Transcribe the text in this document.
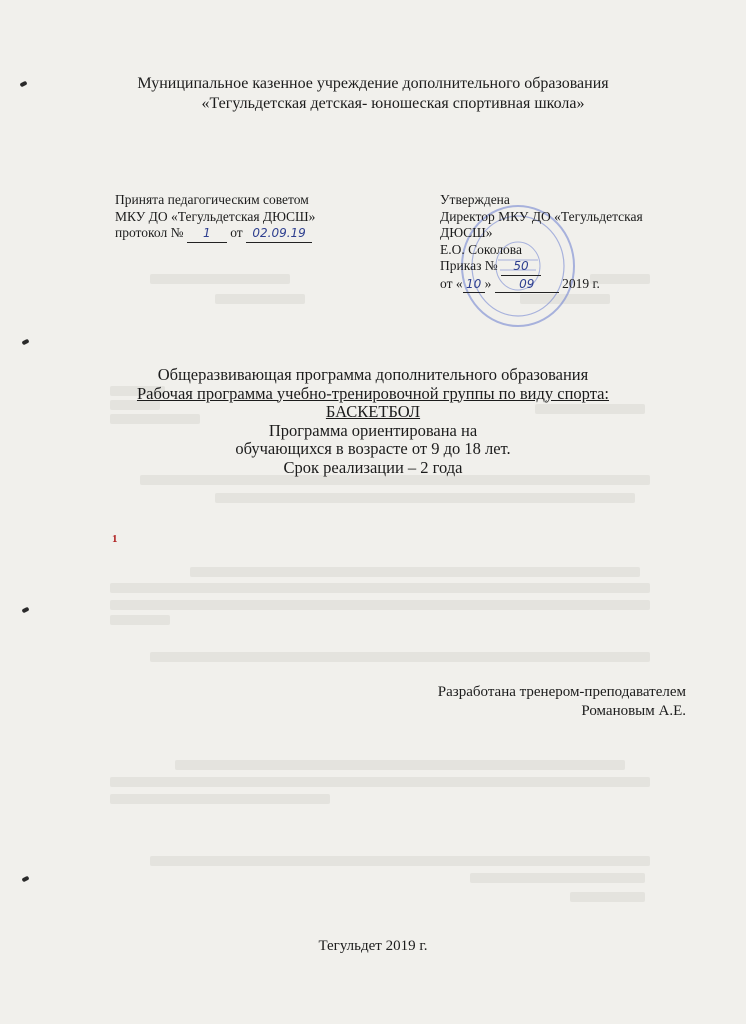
Муниципальное казенное учреждение дополнительного образования
«Тегульдетская детская- юношеская спортивная школа»
Принята педагогическим советом
МКУ ДО «Тегульдетская ДЮСШ»
протокол № 1 от 02.09.19
Утверждена
Директор МКУ ДО «Тегульдетская
ДЮСШ»
Е.О. Соколова
Приказ № 50
от « 10 » 09 2019 г.
Общеразвивающая программа дополнительного образования
Рабочая программа учебно-тренировочной группы по виду спорта:
БАСКЕТБОЛ
Программа ориентирована на
обучающихся в возрасте от 9 до 18 лет.
Срок реализации – 2 года
1
Разработана тренером-преподавателем
Романовым А.Е.
Тегульдет 2019 г.
